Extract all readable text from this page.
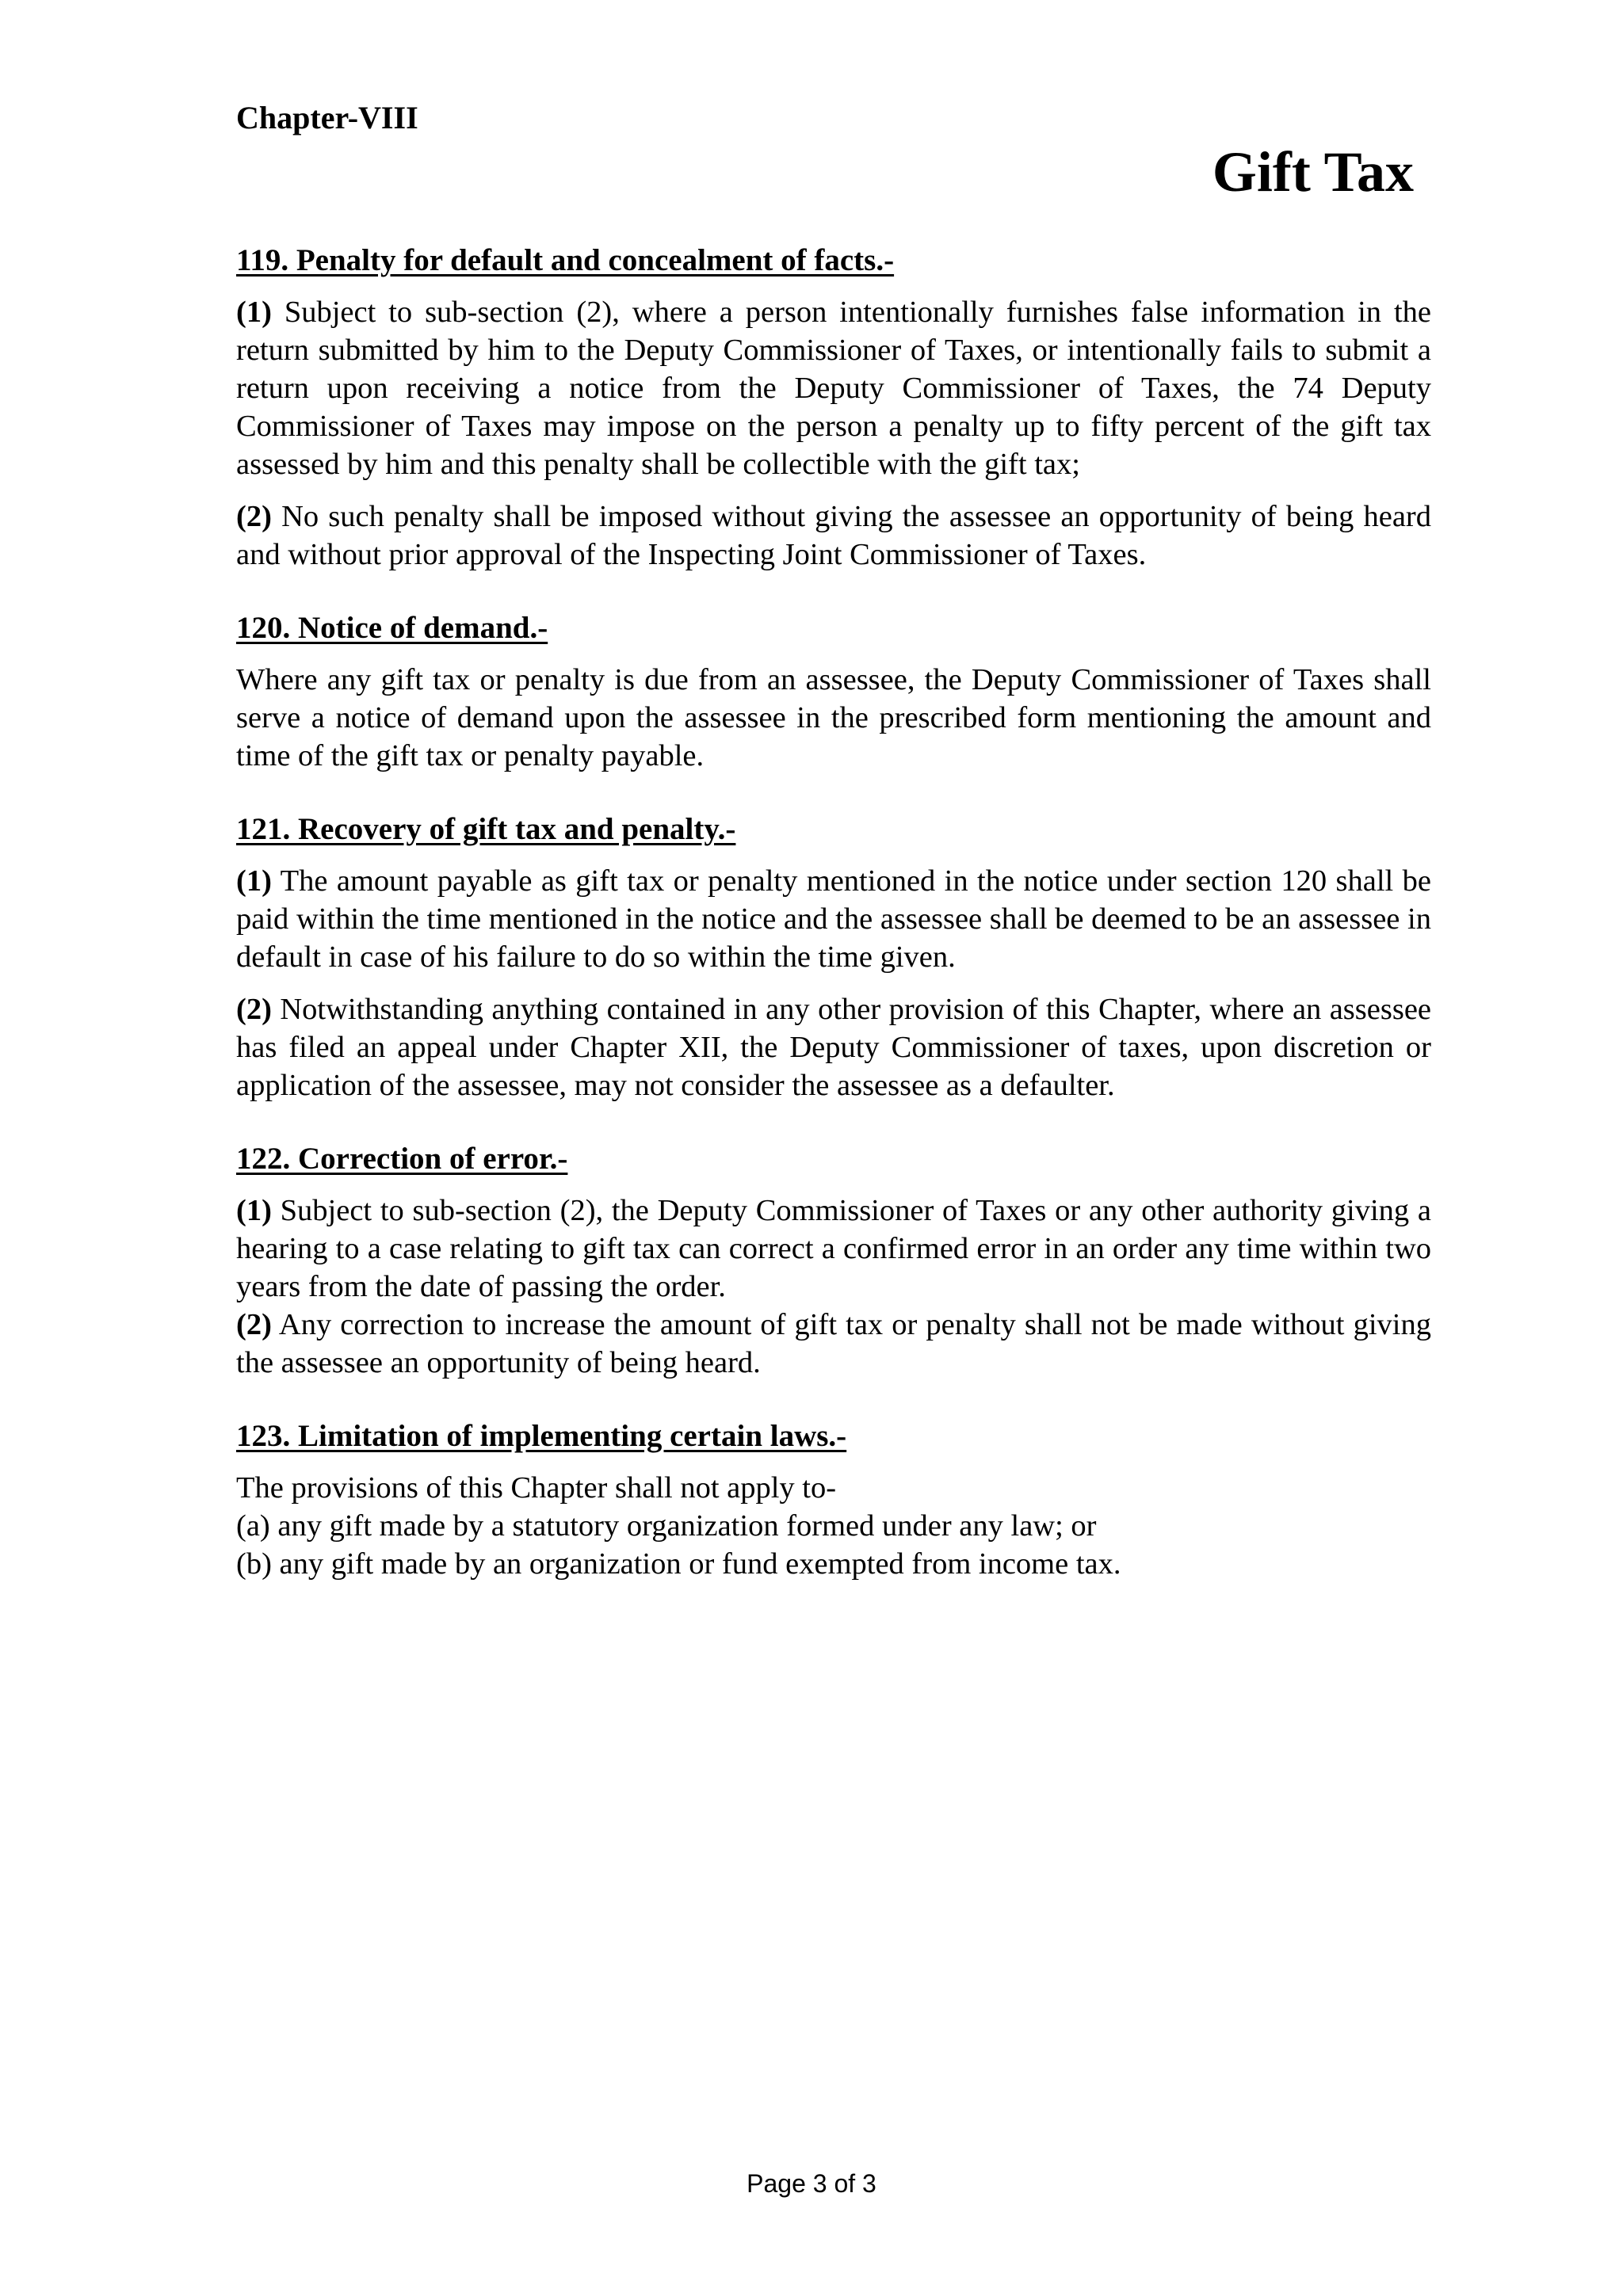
Chapter-VIII

Gift Tax

119. Penalty for default and concealment of facts.-

(1) Subject to sub-section (2), where a person intentionally furnishes false information in the return submitted by him to the Deputy Commissioner of Taxes, or intentionally fails to submit a return upon receiving a notice from the Deputy Commissioner of Taxes, the 74 Deputy Commissioner of Taxes may impose on the person a penalty up to fifty percent of the gift tax assessed by him and this penalty shall be collectible with the gift tax;

(2) No such penalty shall be imposed without giving the assessee an opportunity of being heard and without prior approval of the Inspecting Joint Commissioner of Taxes.

120. Notice of demand.-

Where any gift tax or penalty is due from an assessee, the Deputy Commissioner of Taxes shall serve a notice of demand upon the assessee in the prescribed form mentioning the amount and time of the gift tax or penalty payable.

121. Recovery of gift tax and penalty.-

(1) The amount payable as gift tax or penalty mentioned in the notice under section 120 shall be paid within the time mentioned in the notice and the assessee shall be deemed to be an assessee in default in case of his failure to do so within the time given.

(2) Notwithstanding anything contained in any other provision of this Chapter, where an assessee has filed an appeal under Chapter XII, the Deputy Commissioner of taxes, upon discretion or application of the assessee, may not consider the assessee as a defaulter.

122. Correction of error.-

(1) Subject to sub-section (2), the Deputy Commissioner of Taxes or any other authority giving a hearing to a case relating to gift tax can correct a confirmed error in an order any time within two years from the date of passing the order.

(2) Any correction to increase the amount of gift tax or penalty shall not be made without giving the assessee an opportunity of being heard.

123. Limitation of implementing certain laws.-

The provisions of this Chapter shall not apply to-

(a) any gift made by a statutory organization formed under any law; or

(b) any gift made by an organization or fund exempted from income tax.

Page 3 of 3
